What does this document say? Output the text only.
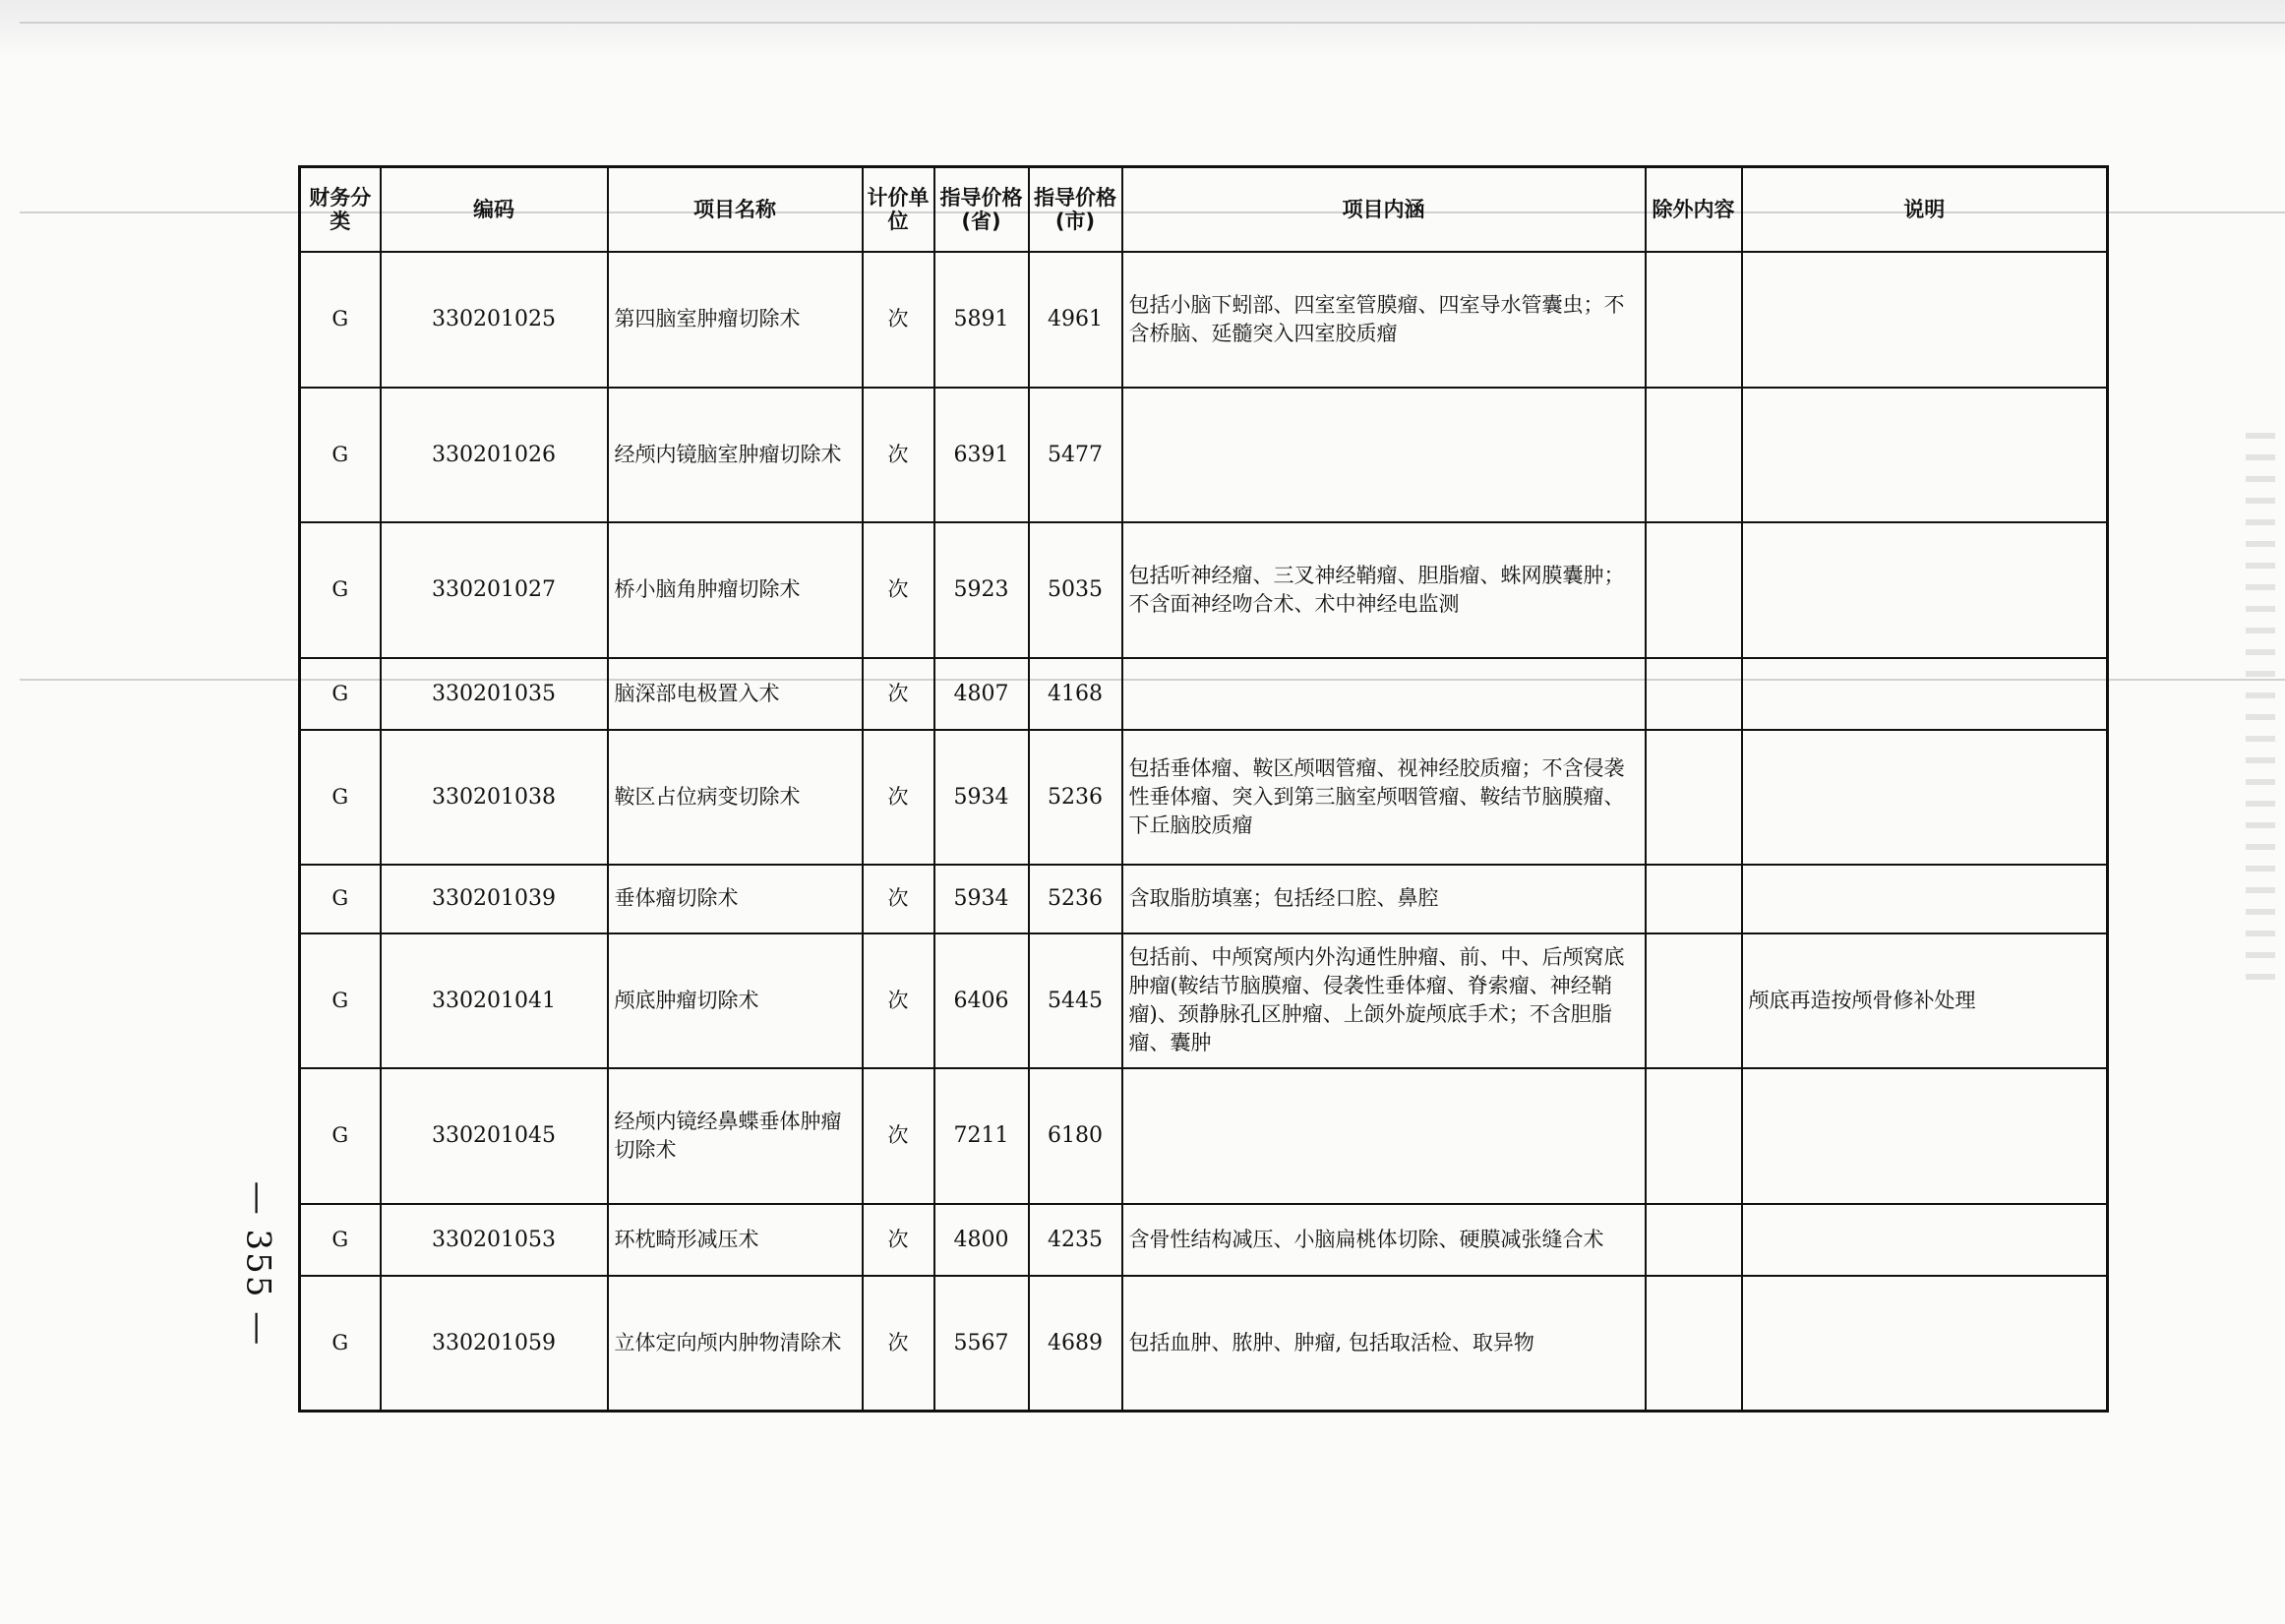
财务分类	编码	项目名称	计价单位	指导价格(省)	指导价格(市)	项目内涵	除外内容	说明
G	330201025	第四脑室肿瘤切除术	次	5891	4961	包括小脑下蚓部、四室室管膜瘤、四室导水管囊虫；不含桥脑、延髓突入四室胶质瘤		
G	330201026	经颅内镜脑室肿瘤切除术	次	6391	5477			
G	330201027	桥小脑角肿瘤切除术	次	5923	5035	包括听神经瘤、三叉神经鞘瘤、胆脂瘤、蛛网膜囊肿；不含面神经吻合术、术中神经电监测		
G	330201035	脑深部电极置入术	次	4807	4168			
G	330201038	鞍区占位病变切除术	次	5934	5236	包括垂体瘤、鞍区颅咽管瘤、视神经胶质瘤；不含侵袭性垂体瘤、突入到第三脑室颅咽管瘤、鞍结节脑膜瘤、下丘脑胶质瘤		
G	330201039	垂体瘤切除术	次	5934	5236	含取脂肪填塞；包括经口腔、鼻腔		
G	330201041	颅底肿瘤切除术	次	6406	5445	包括前、中颅窝颅内外沟通性肿瘤、前、中、后颅窝底肿瘤(鞍结节脑膜瘤、侵袭性垂体瘤、脊索瘤、神经鞘瘤)、颈静脉孔区肿瘤、上颌外旋颅底手术；不含胆脂瘤、囊肿		颅底再造按颅骨修补处理
G	330201045	经颅内镜经鼻蝶垂体肿瘤切除术	次	7211	6180			
G	330201053	环枕畸形减压术	次	4800	4235	含骨性结构减压、小脑扁桃体切除、硬膜减张缝合术		
G	330201059	立体定向颅内肿物清除术	次	5567	4689	包括血肿、脓肿、肿瘤, 包括取活检、取异物		
— 355 —
